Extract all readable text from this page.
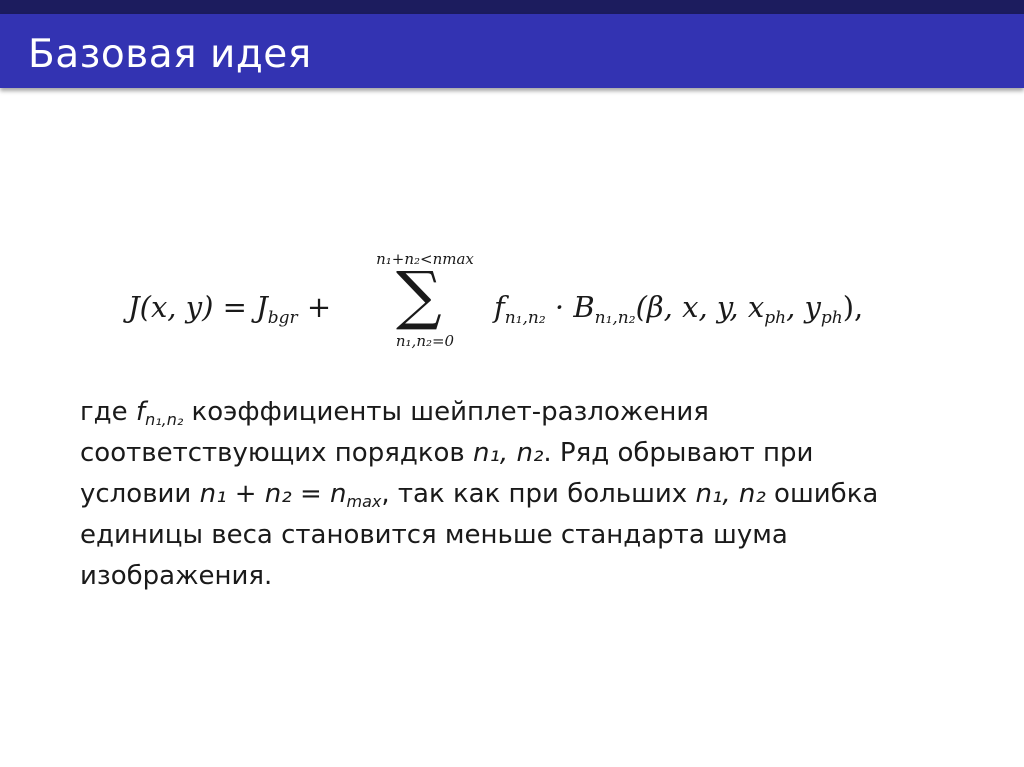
Базовая идея
J(x, $y) = J_{bgr}$ +
n₁+n₂<nmax
∑
n₁,n₂=0
$f_{n_1,n_2} \cdot B_{n_1,n_2}(\beta$, x, y, $x_{ph}$, $y_{ph}$),
где $f_{n_1,n_2}$ коэффициенты шейплет-разложения
соответствующих порядков n₁, n₂. Ряд обрывают при
условии $n_1 + n_2 = n_{max}$, так как при больших n₁, n₂ ошибка
единицы веса становится меньше стандарта шума
изображения.
